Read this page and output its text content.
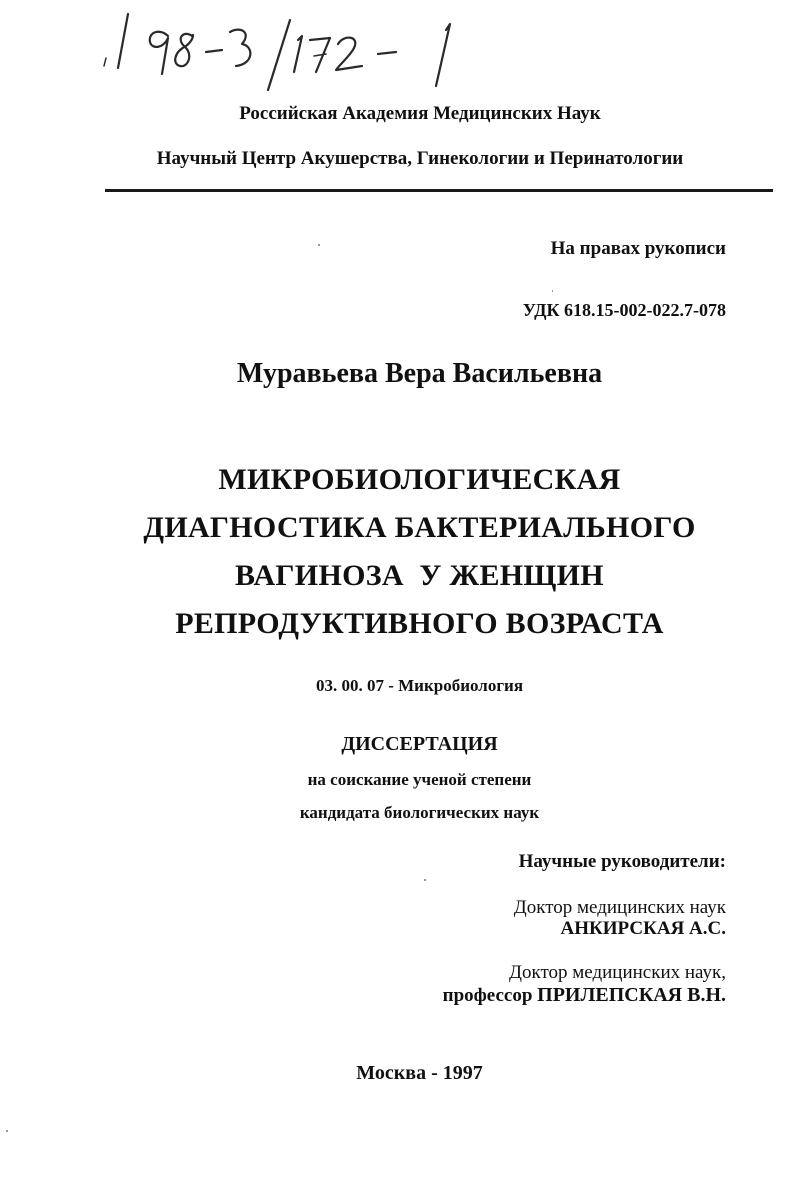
Российская Академия Медицинских Наук
Научный Центр Акушерства, Гинекологии и Перинатологии
На правах рукописи
УДК 618.15-002-022.7-078
Муравьева Вера Васильевна
МИКРОБИОЛОГИЧЕСКАЯ
ДИАГНОСТИКА БАКТЕРИАЛЬНОГО
ВАГИНОЗА  У ЖЕНЩИН
РЕПРОДУКТИВНОГО ВОЗРАСТА
03. 00. 07 - Микробиология
ДИССЕРТАЦИЯ
на соискание ученой степени
кандидата биологических наук
Научные руководители:
Доктор медицинских наук
АНКИРСКАЯ А.С.
Доктор медицинских наук,
профессор ПРИЛЕПСКАЯ В.Н.
Москва - 1997
